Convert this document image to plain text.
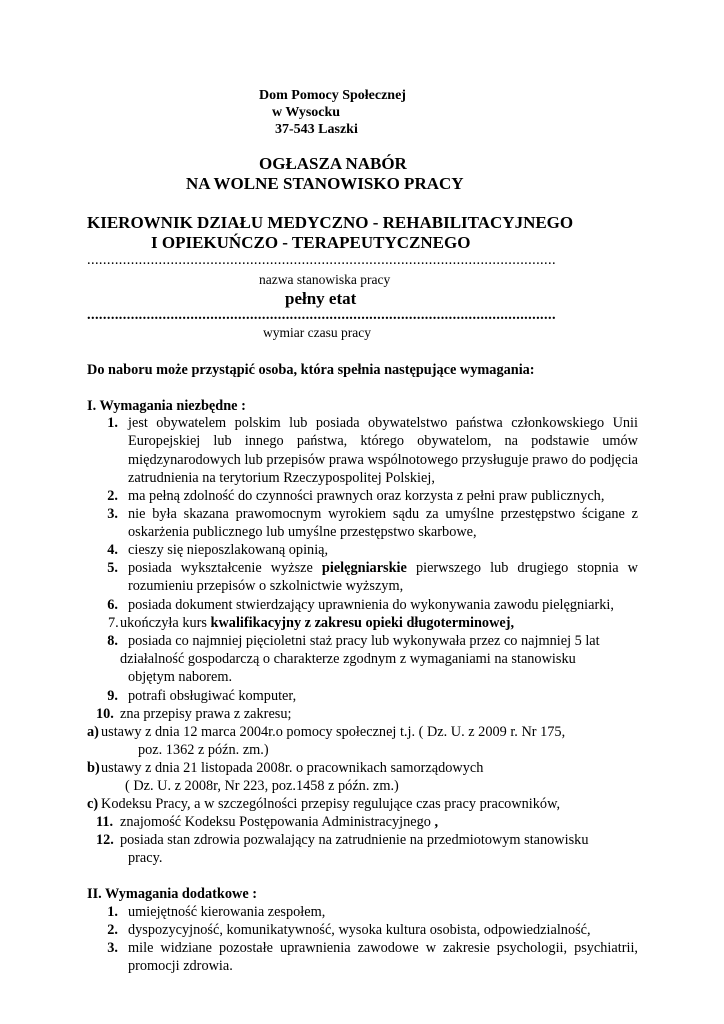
Dom Pomocy Społecznej
w Wysocku
37-543 Laszki
OGŁASZA NABÓR
NA WOLNE STANOWISKO PRACY
KIEROWNIK DZIAŁU MEDYCZNO - REHABILITACYJNEGO
I OPIEKUŃCZO - TERAPEUTYCZNEGO
......................................................................................................................
nazwa stanowiska pracy
pełny etat
......................................................................................................................
wymiar czasu pracy
Do naboru może przystąpić osoba, która spełnia następujące wymagania:
I. Wymagania niezbędne :
1. jest obywatelem polskim lub posiada obywatelstwo państwa członkowskiego Unii Europejskiej lub innego państwa, którego obywatelom, na podstawie umów międzynarodowych lub przepisów prawa wspólnotowego przysługuje prawo do podjęcia zatrudnienia na terytorium Rzeczypospolitej Polskiej,
2. ma pełną zdolność do czynności prawnych oraz korzysta z pełni praw publicznych,
3. nie była skazana prawomocnym wyrokiem sądu za umyślne przestępstwo ścigane z oskarżenia publicznego lub umyślne przestępstwo skarbowe,
4. cieszy się nieposzlakowaną opinią,
5. posiada wykształcenie wyższe pielęgniarskie pierwszego lub drugiego stopnia w rozumieniu przepisów o szkolnictwie wyższym,
6. posiada dokument stwierdzający uprawnienia do wykonywania zawodu pielęgniarki,
7. ukończyła kurs kwalifikacyjny z zakresu opieki długoterminowej,
8. posiada co najmniej pięcioletni staż pracy lub wykonywała przez co najmniej 5 lat
działalność gospodarczą o charakterze zgodnym z wymaganiami na stanowisku
objętym naborem.
9. potrafi obsługiwać komputer,
10. zna przepisy prawa z zakresu;
a) ustawy z dnia 12 marca 2004r.o pomocy społecznej t.j. ( Dz. U. z 2009 r. Nr 175,
poz. 1362 z późn. zm.)
b) ustawy z dnia 21 listopada 2008r. o pracownikach samorządowych
( Dz. U. z 2008r, Nr 223, poz.1458 z późn. zm.)
c) Kodeksu Pracy, a w szczególności przepisy regulujące czas pracy pracowników,
11. znajomość Kodeksu Postępowania Administracyjnego ,
12. posiada stan zdrowia pozwalający na zatrudnienie na przedmiotowym stanowisku
pracy.
II. Wymagania dodatkowe :
1. umiejętność kierowania zespołem,
2. dyspozycyjność, komunikatywność, wysoka kultura osobista, odpowiedzialność,
3. mile widziane pozostałe uprawnienia zawodowe w zakresie psychologii, psychiatrii, promocji zdrowia.
